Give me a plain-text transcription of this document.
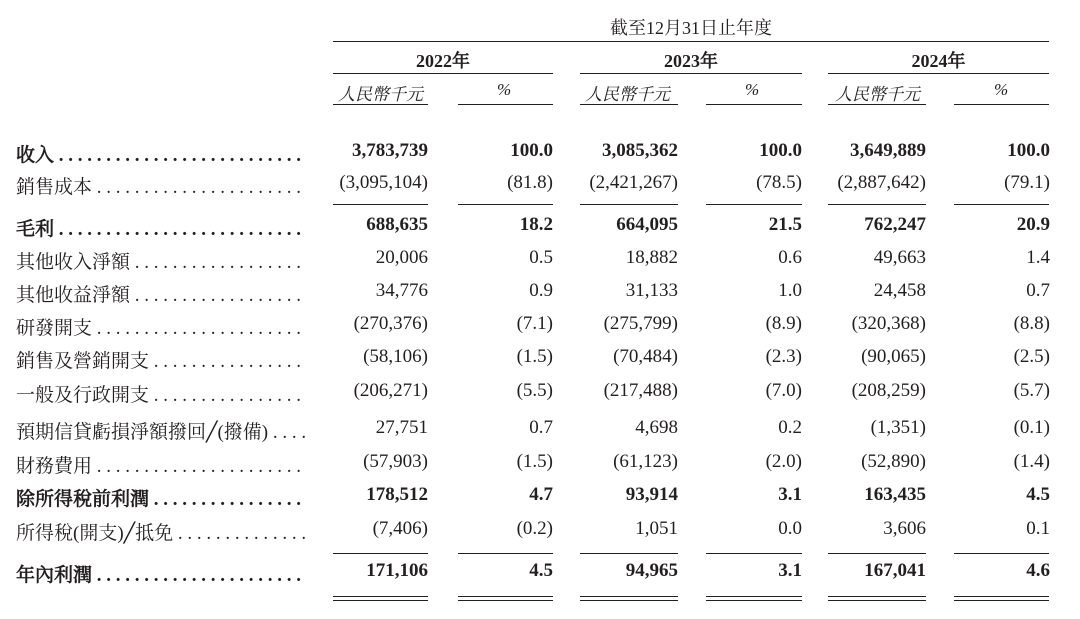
截至12月31日止年度
2022年	2023年	2024年
人民幣千元	%	人民幣千元	%	人民幣千元	%
收入 . . .	3,783,739	100.0	3,085,362	100.0	3,649,889	100.0
銷售成本 . . .	(3,095,104)	(81.8) (2,421,267)	(78.5) (2,887,642)	(79.1)
毛利 . . .	688,635	18.2	664,095	21.5	762,247	20.9
其他收入淨額 . . .	20,006	0.5	18,882	0.6	49,663	1.4
其他收益淨額 . . .	34,776	0.9	31,133	1.0	24,458	0.7
研發開支 . . .	(270,376)	(7.1)	(275,799)	(8.9)	(320,368)	(8.8)
銷售及營銷開支 . . .	(58,106)	(1.5)	(70,484)	(2.3)	(90,065)	(2.5)
一般及行政開支 . . .	(206,271)	(5.5)	(217,488)	(7.0)	(208,259)	(5.7)
預期信貸虧損淨額撥回╱(撥備) . . .	27,751	0.7	4,698	0.2	(1,351)	(0.1)
財務費用 . . .	(57,903)	(1.5)	(61,123)	(2.0)	(52,890)	(1.4)
除所得稅前利潤 . . .	178,512	4.7	93,914	3.1	163,435	4.5
所得稅(開支)╱抵免 . . .	(7,406)	(0.2)	1,051	0.0	3,606	0.1
年內利潤 . . .	171,106	4.5	94,965	3.1	167,041	4.6
